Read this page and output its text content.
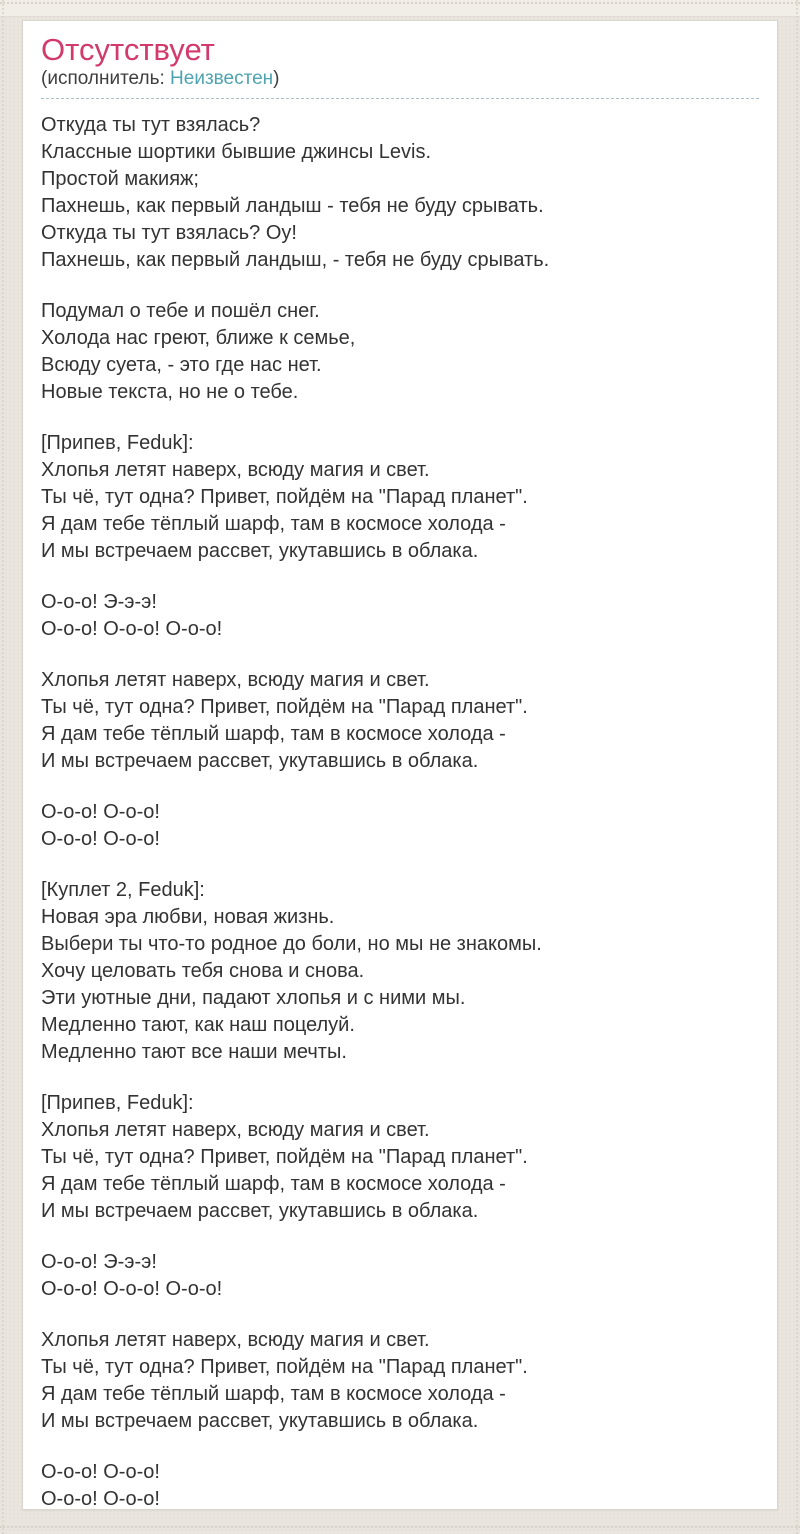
Отсутствует
(исполнитель: Неизвестен)
Откуда ты тут взялась?
Классные шортики бывшие джинсы Levis.
Простой макияж;
Пахнешь, как первый ландыш - тебя не буду срывать.
Откуда ты тут взялась? Оу!
Пахнешь, как первый ландыш, - тебя не буду срывать.
Подумал о тебе и пошёл снег.
Холода нас греют, ближе к семье,
Всюду суета, - это где нас нет.
Новые текста, но не о тебе.
[Припев, Feduk]:
Хлопья летят наверх, всюду магия и свет.
Ты чё, тут одна? Привет, пойдём на "Парад планет".
Я дам тебе тёплый шарф, там в космосе холода -
И мы встречаем рассвет, укутавшись в облака.
О-о-о! Э-э-э!
О-о-о! О-о-о! О-о-о!
Хлопья летят наверх, всюду магия и свет.
Ты чё, тут одна? Привет, пойдём на "Парад планет".
Я дам тебе тёплый шарф, там в космосе холода -
И мы встречаем рассвет, укутавшись в облака.
О-о-о! О-о-о!
О-о-о! О-о-о!
[Куплет 2, Feduk]:
Новая эра любви, новая жизнь.
Выбери ты что-то родное до боли, но мы не знакомы.
Хочу целовать тебя снова и снова.
Эти уютные дни, падают хлопья и с ними мы.
Медленно тают, как наш поцелуй.
Медленно тают все наши мечты.
[Припев, Feduk]:
Хлопья летят наверх, всюду магия и свет.
Ты чё, тут одна? Привет, пойдём на "Парад планет".
Я дам тебе тёплый шарф, там в космосе холода -
И мы встречаем рассвет, укутавшись в облака.
О-о-о! Э-э-э!
О-о-о! О-о-о! О-о-о!
Хлопья летят наверх, всюду магия и свет.
Ты чё, тут одна? Привет, пойдём на "Парад планет".
Я дам тебе тёплый шарф, там в космосе холода -
И мы встречаем рассвет, укутавшись в облака.
О-о-о! О-о-о!
О-о-о! О-о-о!
